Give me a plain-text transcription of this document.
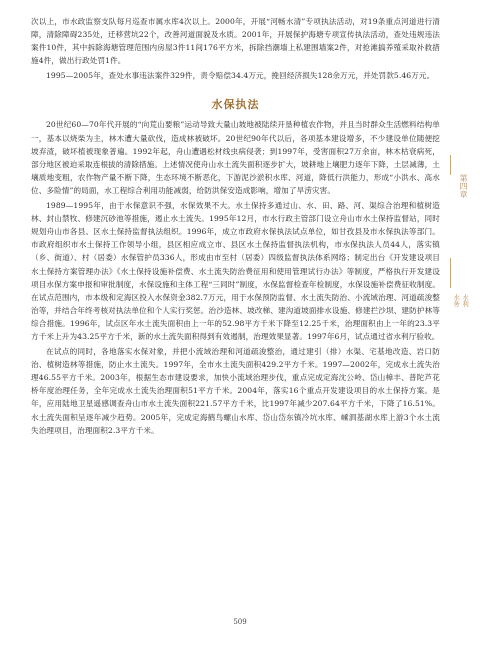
次以上，市水政监察支队每月巡查市属水库4次以上。2000年，开展“河畅水清”专项执法活动，对19条重点河道进行清障，清除障碍235处，迁移营坑22个，改善河道面貌及水质。2001年，开展保护海塘专项宣传执法活动，查处违规违法案件10件，其中拆除海塘管理范围内房屋3件11间176平方米，拆除挡潮墙上私建围墙案2件，对抢滩搞养殖采取补救措施4件，做出行政处罚1件。

1995—2005年，查处水事违法案件329件，责令赔偿34.4万元，挽回经济损失128余万元，并处罚款5.46万元。

水保执法

20世纪60—70年代开展的“向荒山要粮”运动导致大量山坡地被陆续开垦种植农作物，并且当时群众生活燃料结构单一，基本以烧柴为主，林木遭大量砍伐，造成林被破坏。20世纪90年代以后，各项基本建设增多，不少建设单位随便挖坡弃渣，破坏植被现象普遍。1992年起，舟山遭遇松材线虫病侵袭；到1997年，受害面积27万余亩，林木枯衰病死，部分地区被迫采取连根拔的清除措施。上述情况使舟山水土流失面积逐步扩大，坡耕地上壤肥力逐年下降，土层减薄，土壤质地变粗，农作物产量不断下降，生态环境不断恶化，下游泥沙淤积水库、河道，降低行洪能力，形成“小洪水、高水位、多险情”的局面，水工程综合利用功能减弱，给防洪保安造成影响，增加了旱涝灾害。

1989—1995年，由于水保意识不强，水保效果不大。水土保持多通过山、水、田、路、河、渠综合治理和植树造林、封山禁牧、修建沉砂池等措施，遏止水土流失。1995年12月，市水行政主管部门设立舟山市水土保持监督站，同时规划舟山市各县、区水土保持监督执法组织。1996年，成立市政府水保执法试点单位，如甘孜县及市水保执法等部门。市政府组织市水土保持工作领导小组，县区相应成立市、县区水土保持监督执法机构，市水保执法人员44人，落实镇（乡、街道）、村（居委）水保管护员336人，形成由市至村（居委）四级监督执法体系网络；制定出台《开发建设项目水土保持方案管理办法》《水土保持设施补偿费、水土流失防治费征用和使用管理试行办法》等制度，严格执行开发建设项目水保方案申报和审批制度，水保设施和主体工程“三同时”制度，水保监督检查年检制度，水保设施补偿费征收制度。在试点范围内，市本级和定海区投入水保资金382.7万元，用于水保预防监督、水土流失防治、小流域治理、河道疏浚整治等，并结合年终考核对执法单位和个人实行奖惩。治沙造林、坡改梯、建沟道坡面排水设施、修建拦沙坝、建防护林等综合措施。1996年，试点区年水土流失面积由上一年的52.98平方千米下降至12.25千米，治理面积由上一年的23.3平方千米上升为43.25平方千米，新的水土流失面积得到有效遏制，治理效果显著。1997年6月，试点通过省水利厅验收。

在试点的同时，各地落实水保对象，并把小流域治理和河道疏浚整治，通过建引（排）水渠、宅基地改造、岩口防治、植树造林等措施，防止水土流失。1997年，全市水土流失面积429.2平方千米。1997—2002年，完成水土流失治理46.55平方千米。2003年，根据生态市建设要求，加快小流域治理步伐，重点完成定海沈公岭、岱山樟丰、普陀芦花桥年度治理任务，全年完成水土流失治理面积51平方千米。2004年，落实16个重点开发建设项目的水土保持方案。是年，应用陆地卫星遥感调查舟山市水土流失面积221.57平方千米，比1997年减少207.64平方千米，下降了16.51%。水土流失面积呈逐年减少趋势。2005年，完成定海鹤鸟螺山水库、岱山岱东镇冷坑水库、嵊泗基湖水库上游3个水土流失治理项目，治理面积2.3平方千米。

第四章
水利
水务
509
